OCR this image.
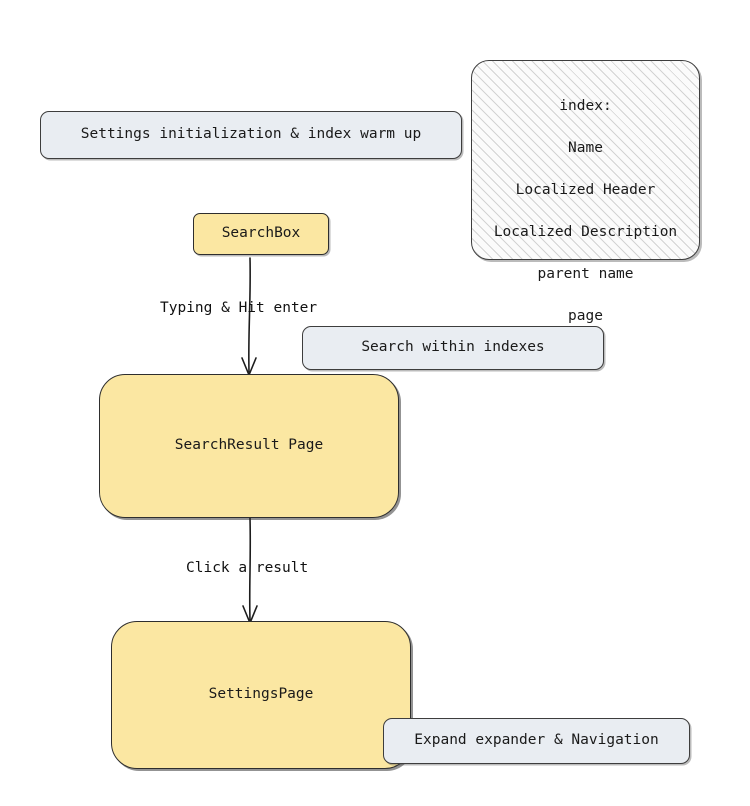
Settings initialization & index warm up

index:

Name

Localized Header

Localized Description

parent name

page

SearchBox
Typing & Hit enter
Search within indexes
SearchResult Page
Click a result
SettingsPage
Expand expander & Navigation
